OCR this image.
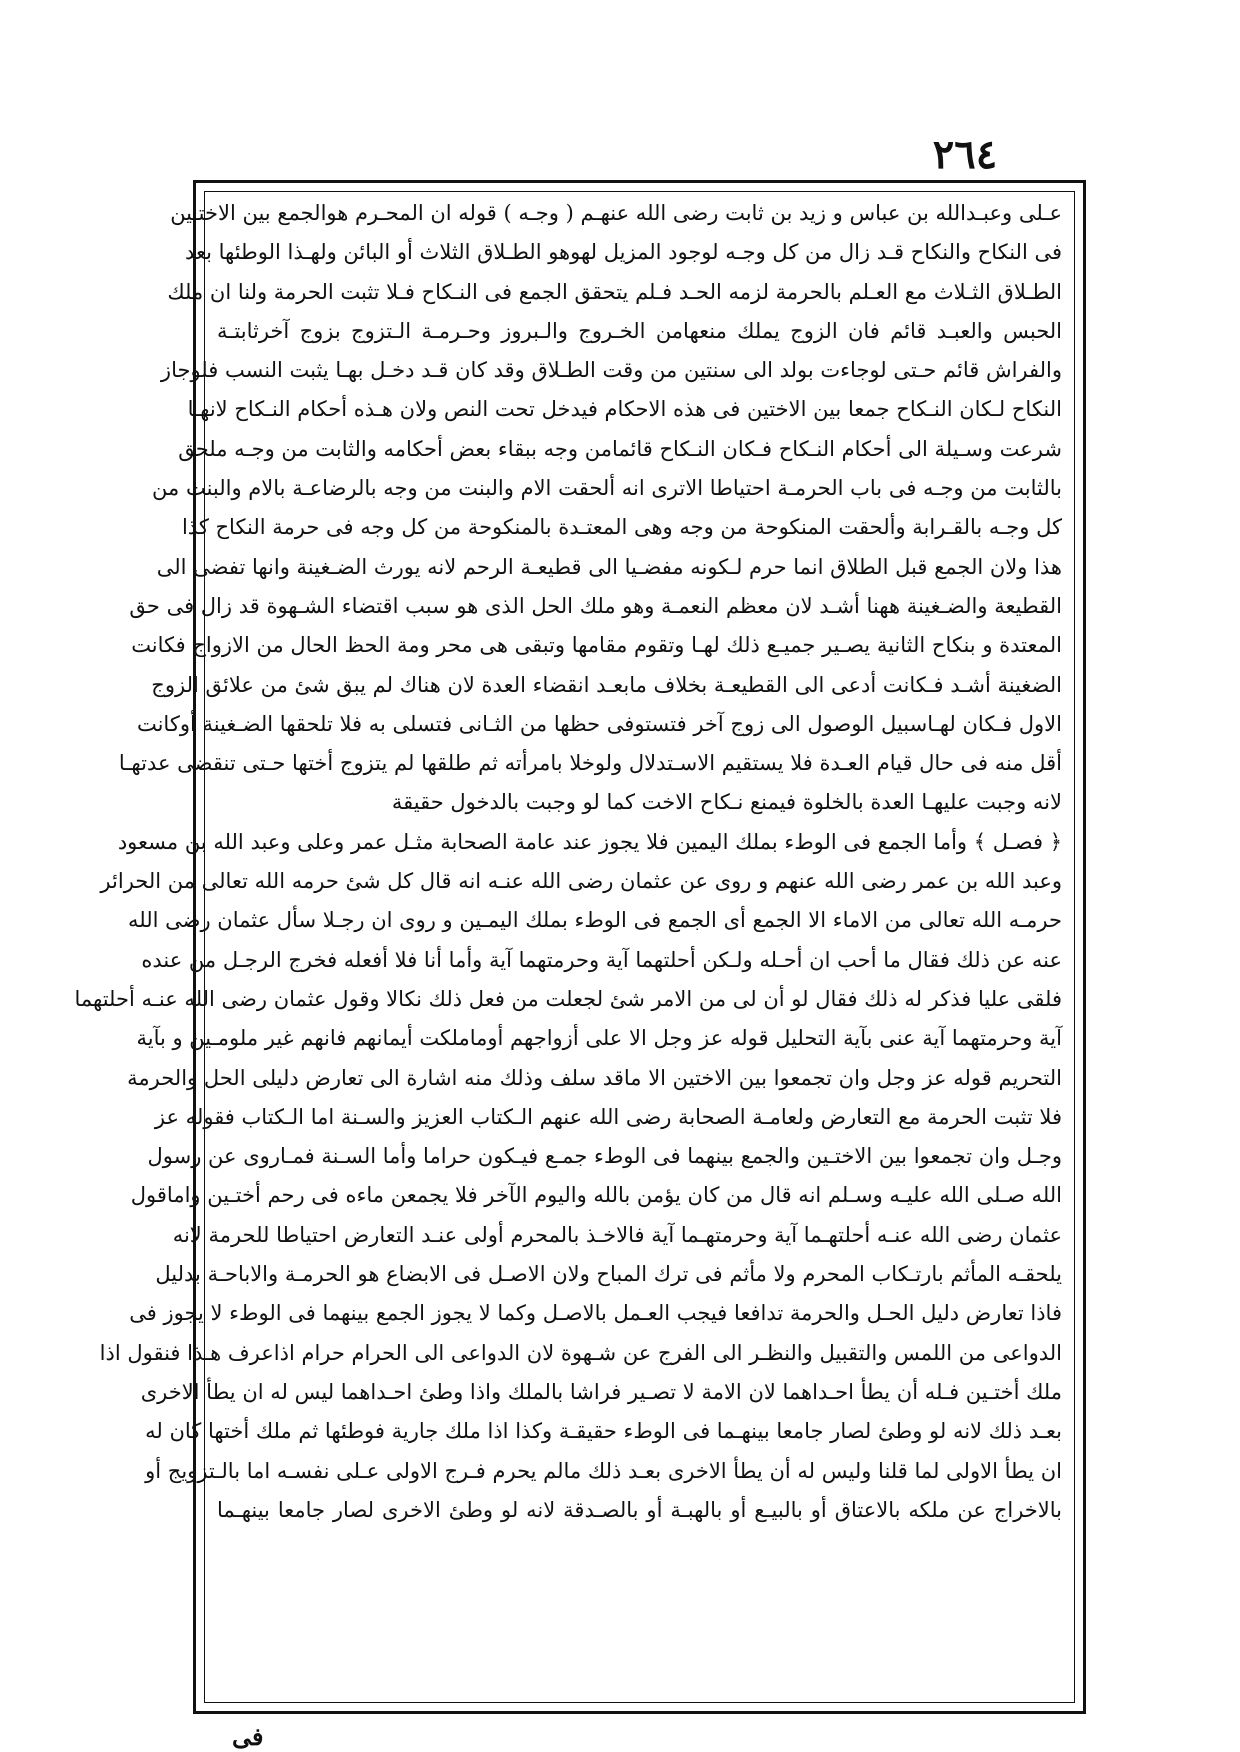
٢٦٤
عـلى وعبـدالله بن عباس و زيد بن ثابت رضى الله عنهـم ( وجـه ) قوله ان المحـرم هوالجمع بين الاختـين
فى النكاح والنكاح قـد زال من كل وجـه لوجود المزيل لهوهو الطـلاق الثلاث أو البائن ولهـذا الوطئها بعد
الطـلاق الثـلاث مع العـلم بالحرمة لزمه الحـد فـلم يتحقق الجمع فى النـكاح فـلا تثبت الحرمة ولنا ان ملك
الحبس والعبـد قائم فان الزوج يملك منعهامن الخـروج والـبروز وحـرمـة الـتزوج بزوج آخرثابتـة
والفراش قائم حـتى لوجاءت بولد الى سنتين من وقت الطـلاق وقد كان قـد دخـل بهـا يثبت النسب فلوجاز
النكاح لـكان النـكاح جمعا بين الاختين فى هذه الاحكام فيدخل تحت النص ولان هـذه أحكام النـكاح لانهـا
شرعت وسـيلة الى أحكام النـكاح فـكان النـكاح قائمامن وجه ببقاء بعض أحكامه والثابت من وجـه ملحق
بالثابت من وجـه فى باب الحرمـة احتياطا الاترى انه ألحقت الام والبنت من وجه بالرضاعـة بالام والبنت من
كل وجـه بالقـرابة وألحقت المنكوحة من وجه وهى المعتـدة بالمنكوحة من كل وجه فى حرمة النكاح كذا
هذا ولان الجمع قبل الطلاق انما حرم لـكونه مفضـيا الى قطيعـة الرحم لانه يورث الضـغينة وانها تفضى الى
القطيعة والضـغينة ههنا أشـد لان معظم النعمـة وهو ملك الحل الذى هو سبب اقتضاء الشـهوة قد زال فى حق
المعتدة و بنكاح الثانية يصـير جميـع ذلك لهـا وتقوم مقامها وتبقى هى محر ومة الحظ الحال من الازواج فكانت
الضغينة أشـد فـكانت أدعى الى القطيعـة بخلاف مابعـد انقضاء العدة لان هناك لم يبق شئ من علائق الزوج
الاول فـكان لهـاسبيل الوصول الى زوج آخر فتستوفى حظها من الثـانى فتسلى به فلا تلحقها الضـغينة أوكانت
أقل منه فى حال قيام العـدة فلا يستقيم الاسـتدلال ولوخلا بامرأته ثم طلقها لم يتزوج أختها حـتى تنقضى عدتهـا
لانه وجبت عليهـا العدة بالخلوة فيمنع نـكاح الاخت كما لو وجبت بالدخول حقيقة
﴿ فصـل ﴾ وأما الجمع فى الوطء بملك اليمين فلا يجوز عند عامة الصحابة مثـل عمر وعلى وعبد الله بن مسعود
وعبد الله بن عمر رضى الله عنهم و روى عن عثمان رضى الله عنـه انه قال كل شئ حرمه الله تعالى من الحرائر
حرمـه الله تعالى من الاماء الا الجمع أى الجمع فى الوطء بملك اليمـين و روى ان رجـلا سأل عثمان رضى الله
عنه عن ذلك فقال ما أحب ان أحـله ولـكن أحلتهما آية وحرمتهما آية وأما أنا فلا أفعله فخرج الرجـل من عنده
فلقى عليا فذكر له ذلك فقال لو أن لى من الامر شئ لجعلت من فعل ذلك نكالا وقول عثمان رضى الله عنـه أحلتهما
آية وحرمتهما آية عنى بآية التحليل قوله عز وجل الا على أزواجهم أوماملكت أيمانهم فانهم غير ملومـين و بآية
التحريم قوله عز وجل وان تجمعوا بين الاختين الا ماقد سلف وذلك منه اشارة الى تعارض دليلى الحل والحرمة
فلا تثبت الحرمة مع التعارض ولعامـة الصحابة رضى الله عنهم الـكتاب العزيز والسـنة اما الـكتاب فقوله عز
وجـل وان تجمعوا بين الاختـين والجمع بينهما فى الوطء جمـع فيـكون حراما وأما السـنة فمـاروى عن رسول
الله صـلى الله عليـه وسـلم انه قال من كان يؤمن بالله واليوم الآخر فلا يجمعن ماءه فى رحم أختـين واماقول
عثمان رضى الله عنـه أحلتهـما آية وحرمتهـما آية فالاخـذ بالمحرم أولى عنـد التعارض احتياطا للحرمة لانه
يلحقـه المأثم بارتـكاب المحرم ولا مأثم فى ترك المباح ولان الاصـل فى الابضاع هو الحرمـة والاباحـة بدليل
فاذا تعارض دليل الحـل والحرمة تدافعا فيجب العـمل بالاصـل وكما لا يجوز الجمع بينهما فى الوطء لا يجوز فى
الدواعى من اللمس والتقبيل والنظـر الى الفرج عن شـهوة لان الدواعى الى الحرام حرام اذاعرف هـذا فنقول اذا
ملك أختـين فـله أن يطأ احـداهما لان الامة لا تصـير فراشا بالملك واذا وطئ احـداهما ليس له ان يطأ الاخرى
بعـد ذلك لانه لو وطئ لصار جامعا بينهـما فى الوطء حقيقـة وكذا اذا ملك جارية فوطئها ثم ملك أختها كان له
ان يطأ الاولى لما قلنا وليس له أن يطأ الاخرى بعـد ذلك مالم يحرم فـرج الاولى عـلى نفسـه اما بالـتزويج أو
بالاخراج عن ملكه بالاعتاق أو بالبيـع أو بالهبـة أو بالصـدقة لانه لو وطئ الاخرى لصار جامعا بينهـما
فى
